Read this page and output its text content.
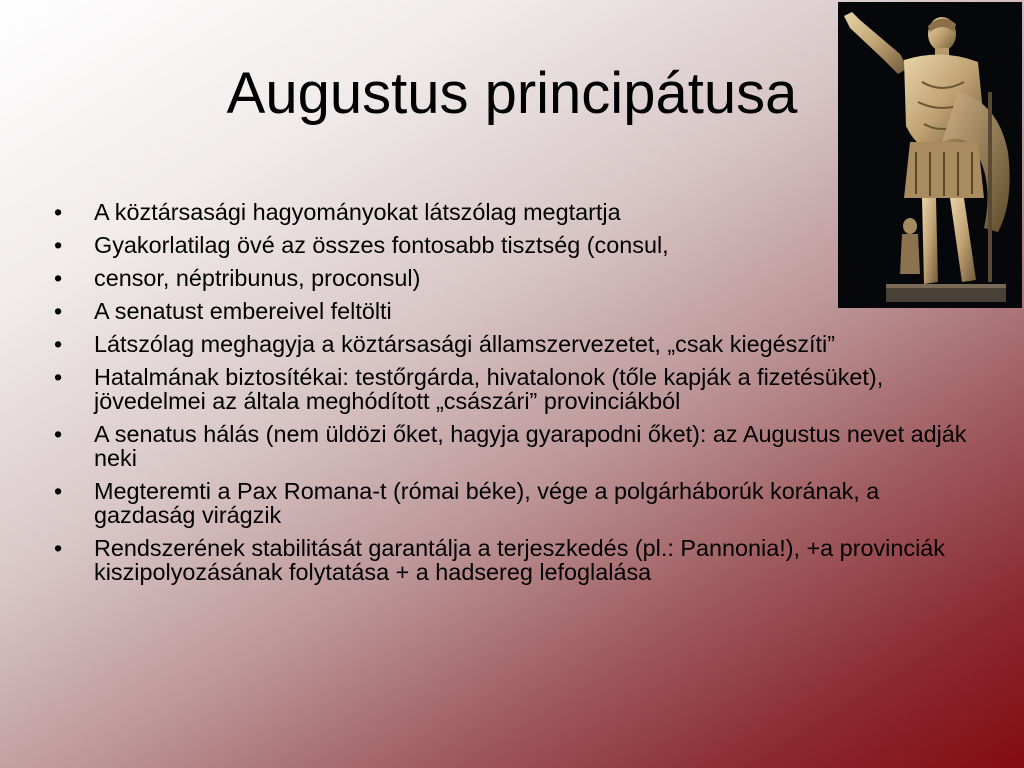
Augustus principátusa
•	A köztársasági hagyományokat látszólag megtartja
•	Gyakorlatilag övé az összes fontosabb tisztség (consul,
•	censor, néptribunus, proconsul)
•	A senatust embereivel feltölti
•	Látszólag meghagyja a köztársasági államszervezetet, „csak kiegészíti”
•	Hatalmának biztosítékai: testőrgárda, hivatalonok (tőle kapják a fizetésüket), jövedelmei az általa meghódított „császári” provinciákból
•	A senatus hálás (nem üldözi őket, hagyja gyarapodni őket): az Augustus nevet adják neki
•	Megteremti a Pax Romana-t (római béke), vége a polgárháborúk korának, a gazdaság virágzik
•	Rendszerének stabilitását garantálja a terjeszkedés (pl.: Pannonia!), +a provinciák kiszipolyozásának folytatása + a hadsereg lefoglalása
